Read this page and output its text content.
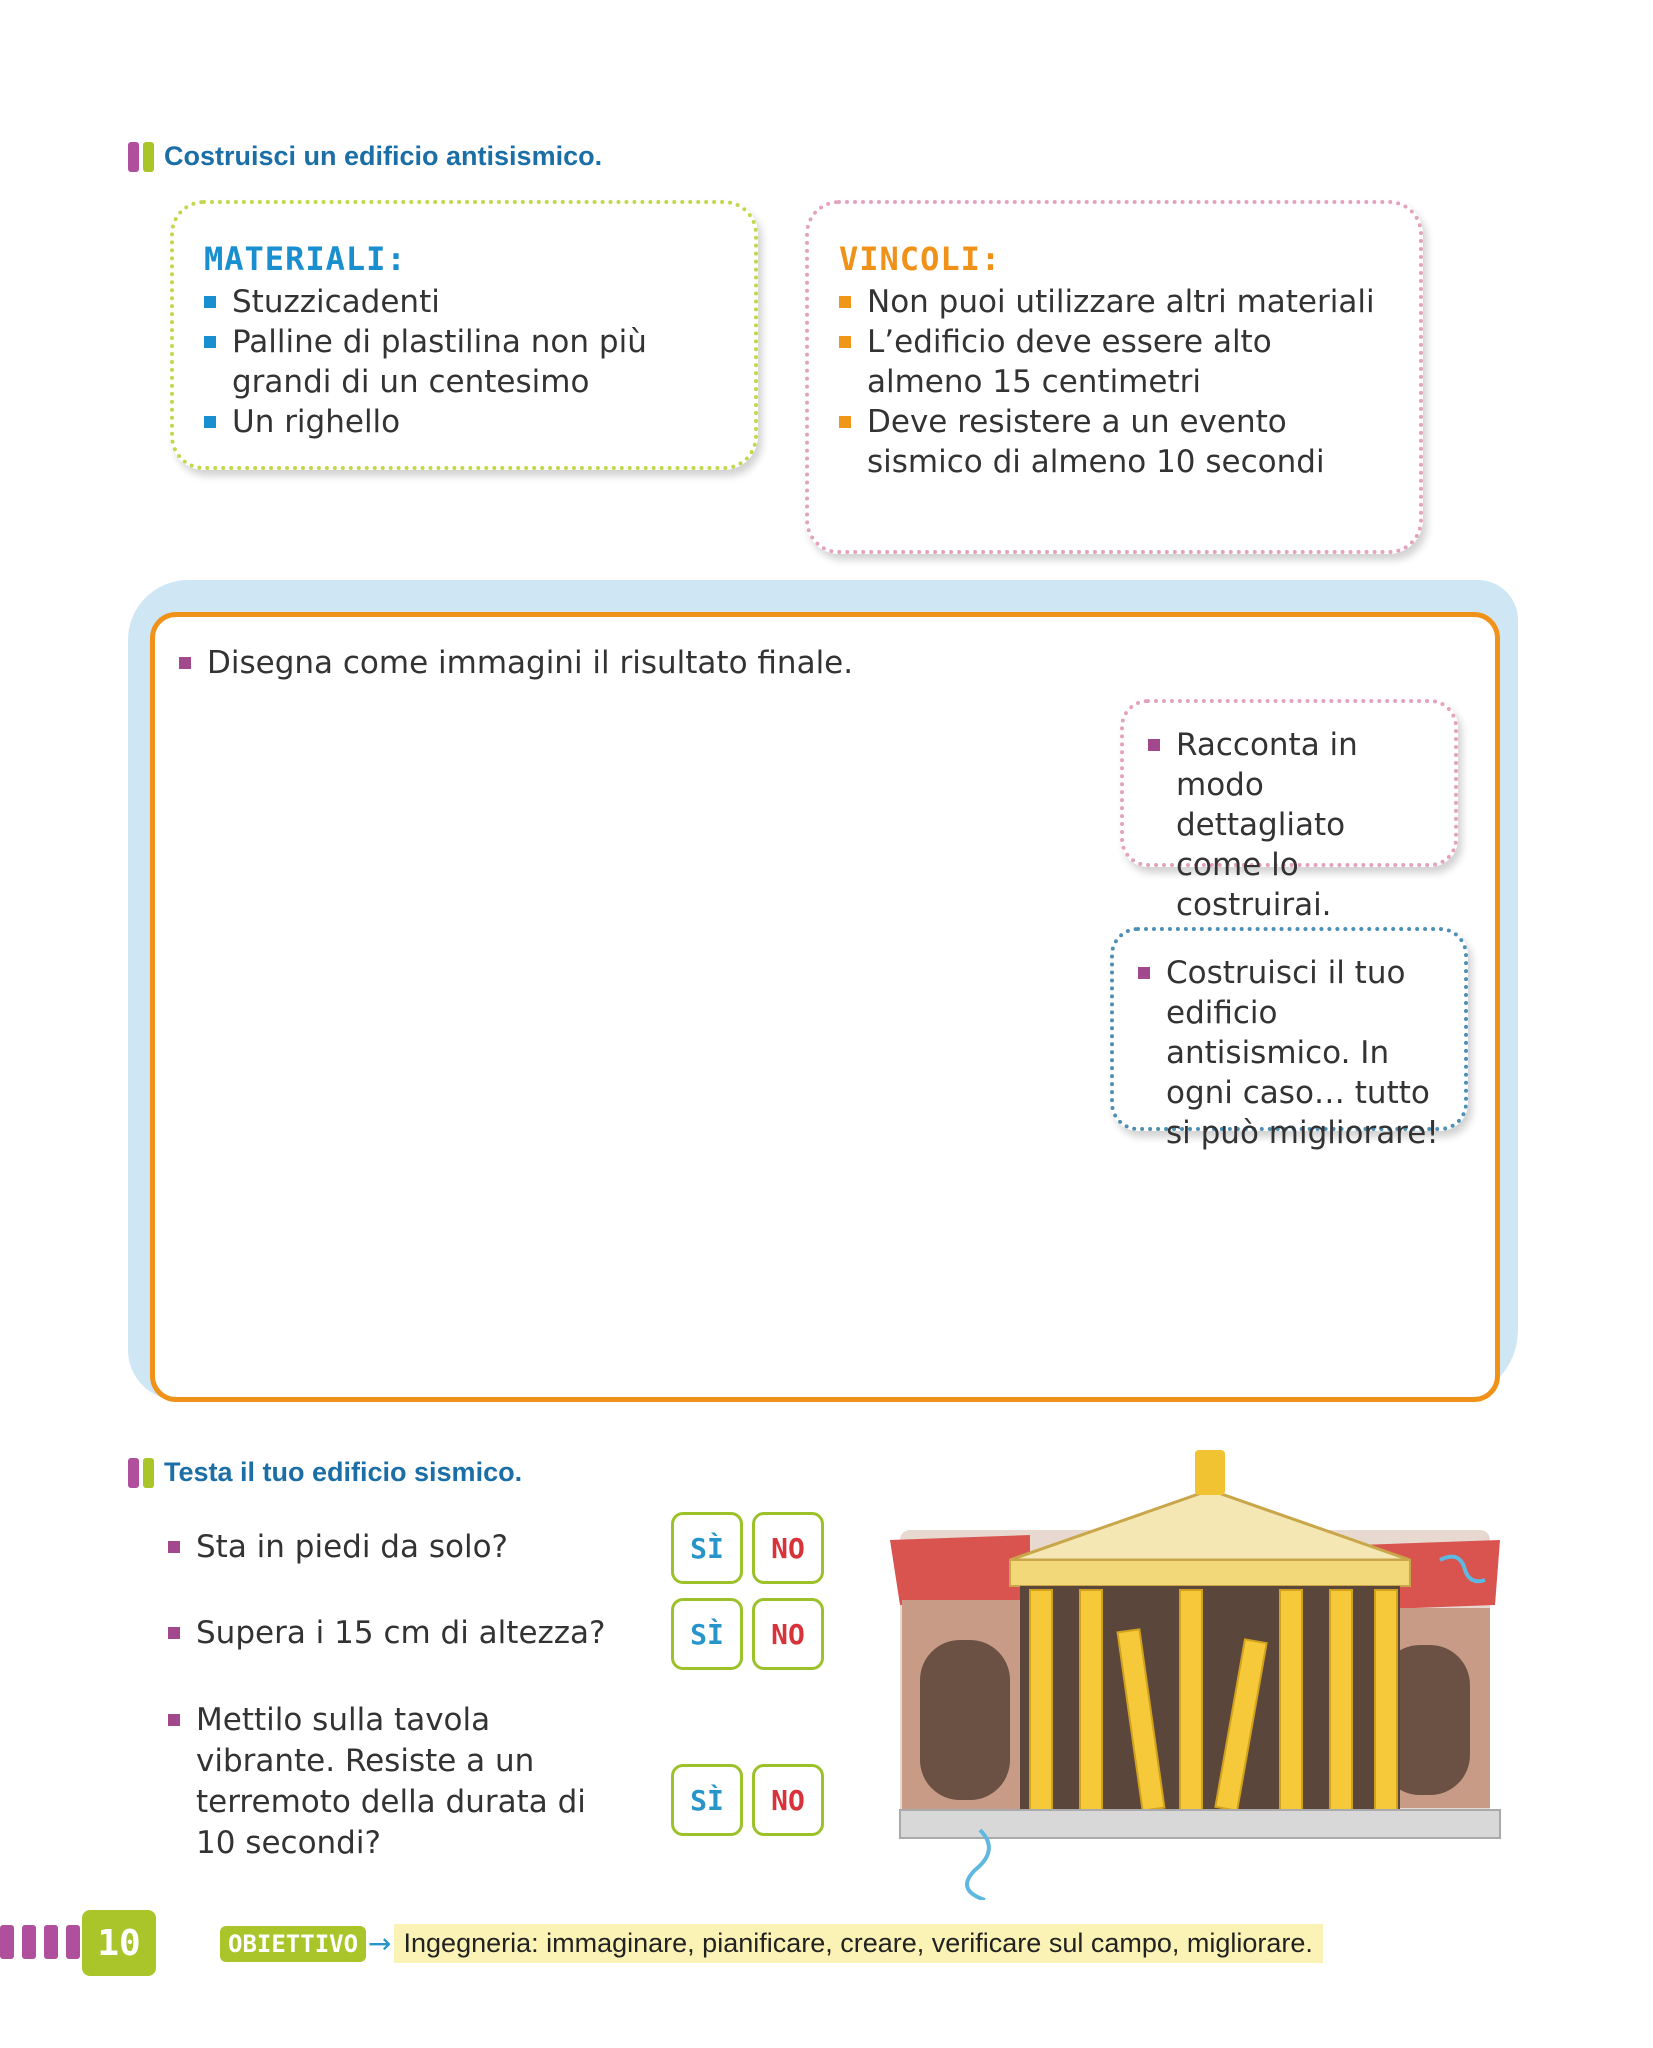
Costruisci un edificio antisismico.
MATERIALI:
Stuzzicadenti
Palline di plastilina non più grandi di un centesimo
Un righello
VINCOLI:
Non puoi utilizzare altri materiali
L’edificio deve essere alto almeno 15 centimetri
Deve resistere a un evento sismico di almeno 10 secondi
Disegna come immagini il risultato finale.
Racconta in modo dettagliato come lo costruirai.
Costruisci il tuo edificio antisismico. In ogni caso… tutto si può migliorare!
Testa il tuo edificio sismico.
Sta in piedi da solo?	SÌ	NO
Supera i 15 cm di altezza?	SÌ	NO
Mettilo sulla tavola vibrante. Resiste a un terremoto della durata di 10 secondi?
SÌ	NO
10	OBIETTIVO → Ingegneria: immaginare, pianificare, creare, verificare sul campo, migliorare.
